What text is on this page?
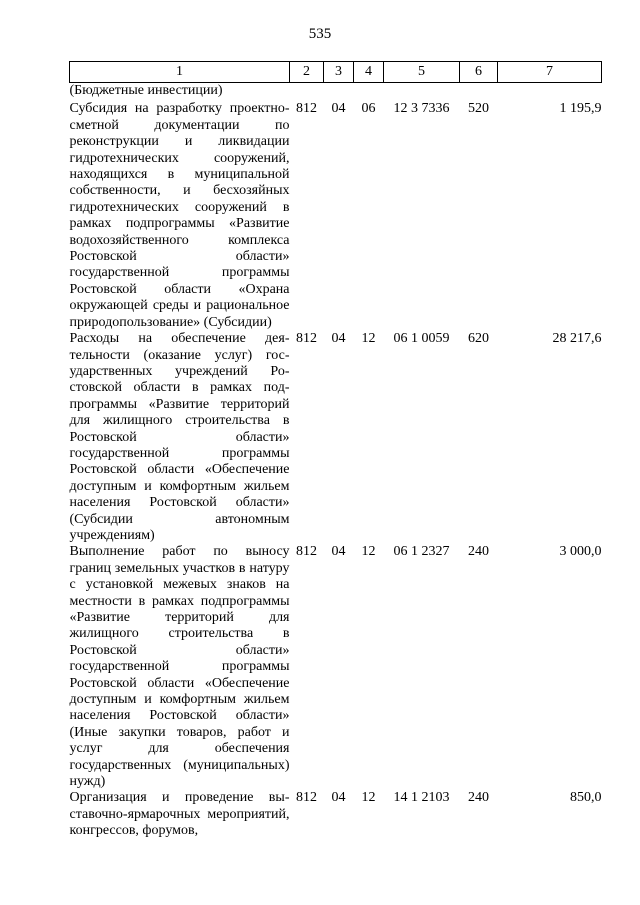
535
1	2	3	4	5	6	7
(Бюджетные инвестиции)						
Субсидия на разработку проектно-сметной документации по реконструкции и ликвидации гидротехнических сооружений, находящихся в муниципальной собственности, и бесхозяйных гидротехнических сооружений в рамках подпрограммы «Развитие водохозяйственного комплекса Ростовской области» государственной программы Ростовской области «Охрана окружающей среды и рациональное природопользование» (Субсидии)	812	04	06	12 3 7336	520	1 195,9
Расходы на обеспечение деятельности (оказание услуг) государственных учреждений Ростовской области в рамках подпрограммы «Развитие территорий для жилищного строительства в Ростовской области» государственной программы Ростовской области «Обеспечение доступным и комфортным жильем населения Ростовской области» (Субсидии автономным учреждениям)	812	04	12	06 1 0059	620	28 217,6
Выполнение работ по выносу границ земельных участков в натуру с установкой межевых знаков на местности в рамках подпрограммы «Развитие территорий для жилищного строительства в Ростовской области» государственной программы Ростовской области «Обеспечение доступным и комфортным жильем населения Ростовской области» (Иные закупки товаров, работ и услуг для обеспечения государственных (муниципальных) нужд)	812	04	12	06 1 2327	240	3 000,0
Организация и проведение выставочно-ярмарочных мероприятий, конгрессов, форумов,	812	04	12	14 1 2103	240	850,0
